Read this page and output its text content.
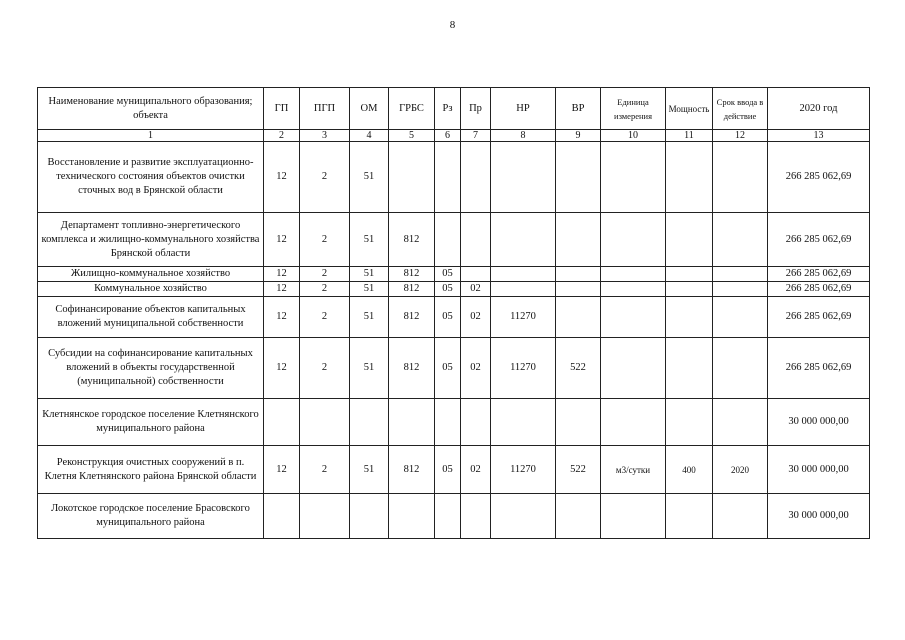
8
Наименование муниципального образования; объекта	ГП	ПГП	ОМ	ГРБС	Рз	Пр	НР	ВР	Единица измерения	Мощность	Срок ввода в действие	2020 год
1	2	3	4	5	6	7	8	9	10	11	12	13
Восстановление и развитие эксплуатационно-технического состояния объектов очистки сточных вод в Брянской области	12	2	51									266 285 062,69
Департамент топливно-энергетического комплекса и жилищно-коммунального хозяйства Брянской области	12	2	51	812								266 285 062,69
Жилищно-коммунальное хозяйство	12	2	51	812	05							266 285 062,69
Коммунальное хозяйство	12	2	51	812	05	02						266 285 062,69
Софинансирование объектов капитальных вложений муниципальной собственности	12	2	51	812	05	02	11270					266 285 062,69
Субсидии на софинансирование капитальных вложений в объекты государственной (муниципальной) собственности	12	2	51	812	05	02	11270	522				266 285 062,69
Клетнянское городское поселение Клетнянского муниципального района												30 000 000,00
Реконструкция очистных сооружений в п. Клетня Клетнянского района Брянской области	12	2	51	812	05	02	11270	522	м3/сутки	400	2020	30 000 000,00
Локотское городское поселение Брасовского муниципального района												30 000 000,00
